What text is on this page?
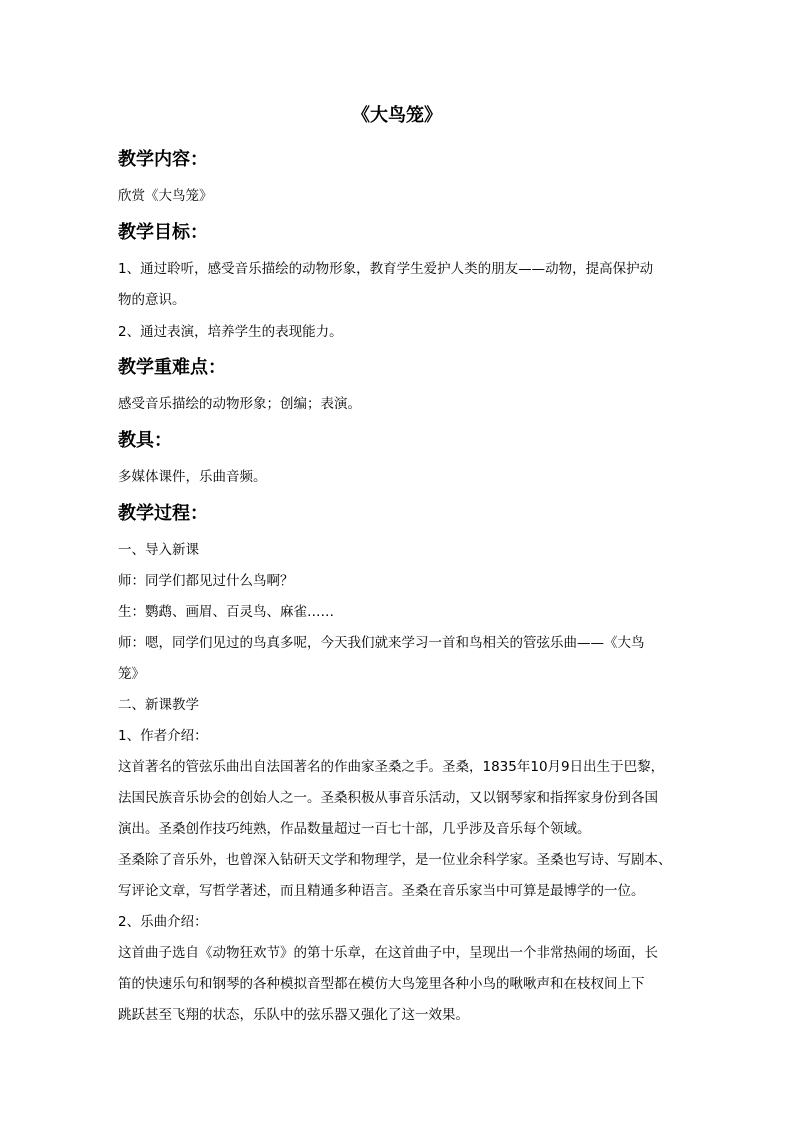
《大鸟笼》
教学内容：
欣赏《大鸟笼》
教学目标：
1、通过聆听，感受音乐描绘的动物形象，教育学生爱护人类的朋友——动物，提高保护动
物的意识。
2、通过表演，培养学生的表现能力。
教学重难点：
感受音乐描绘的动物形象；创编；表演。
教具：
多媒体课件，乐曲音频。
教学过程：
一、导入新课
师：同学们都见过什么鸟啊？
生：鹦鹉、画眉、百灵鸟、麻雀……
师：嗯，同学们见过的鸟真多呢，今天我们就来学习一首和鸟相关的管弦乐曲——《大鸟
笼》
二、新课教学
1、作者介绍：
这首著名的管弦乐曲出自法国著名的作曲家圣桑之手。圣桑，1835年10月9日出生于巴黎，
法国民族音乐协会的创始人之一。圣桑积极从事音乐活动，又以钢琴家和指挥家身份到各国
演出。圣桑创作技巧纯熟，作品数量超过一百七十部，几乎涉及音乐每个领域。
圣桑除了音乐外，也曾深入钻研天文学和物理学，是一位业余科学家。圣桑也写诗、写剧本、
写评论文章，写哲学著述，而且精通多种语言。圣桑在音乐家当中可算是最博学的一位。
2、乐曲介绍：
这首曲子选自《动物狂欢节》的第十乐章，在这首曲子中，呈现出一个非常热闹的场面，长
笛的快速乐句和钢琴的各种模拟音型都在模仿大鸟笼里各种小鸟的啾啾声和在枝杈间上下
跳跃甚至飞翔的状态，乐队中的弦乐器又强化了这一效果。
